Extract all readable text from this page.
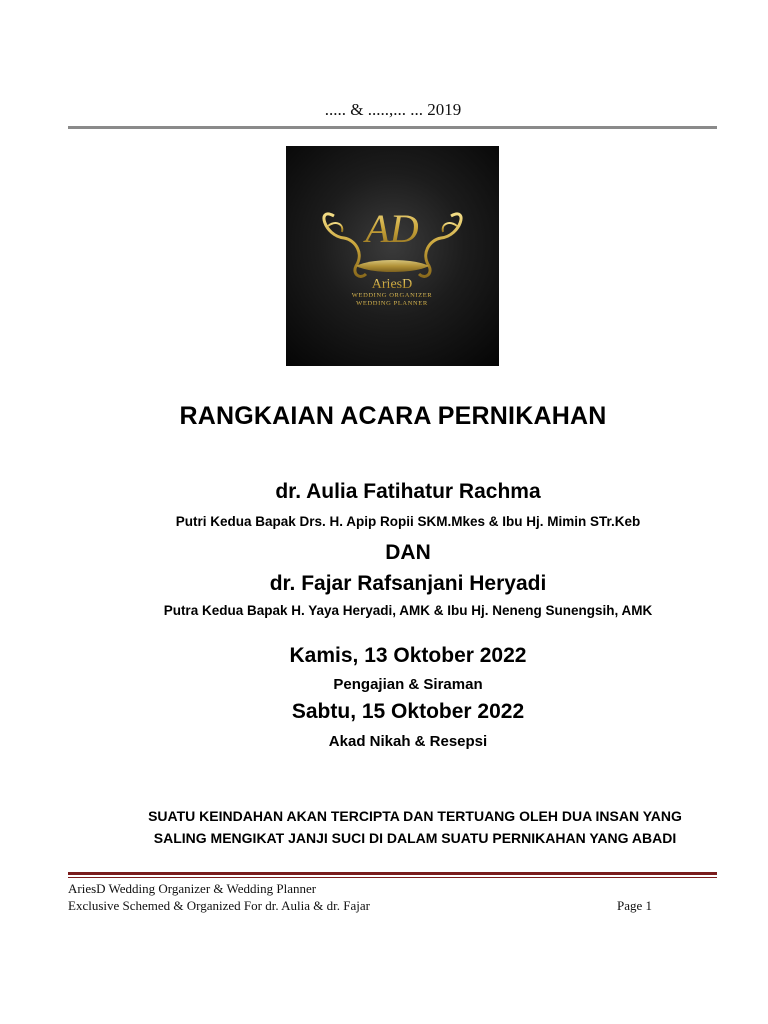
..... & .....,... ... 2019
AD
AriesD
WEDDING ORGANIZER
WEDDING PLANNER
RANGKAIAN ACARA PERNIKAHAN
dr. Aulia Fatihatur Rachma
Putri Kedua Bapak Drs. H. Apip Ropii SKM.Mkes & Ibu Hj. Mimin STr.Keb
DAN
dr. Fajar Rafsanjani Heryadi
Putra Kedua Bapak H. Yaya Heryadi, AMK & Ibu Hj. Neneng Sunengsih, AMK
Kamis, 13 Oktober 2022
Pengajian & Siraman
Sabtu, 15 Oktober 2022
Akad Nikah & Resepsi
SUATU KEINDAHAN AKAN TERCIPTA DAN TERTUANG OLEH DUA INSAN YANG
SALING MENGIKAT JANJI SUCI DI DALAM SUATU PERNIKAHAN YANG ABADI
AriesD Wedding Organizer & Wedding Planner
Exclusive Schemed & Organized For dr. Aulia & dr. Fajar	Page 1
